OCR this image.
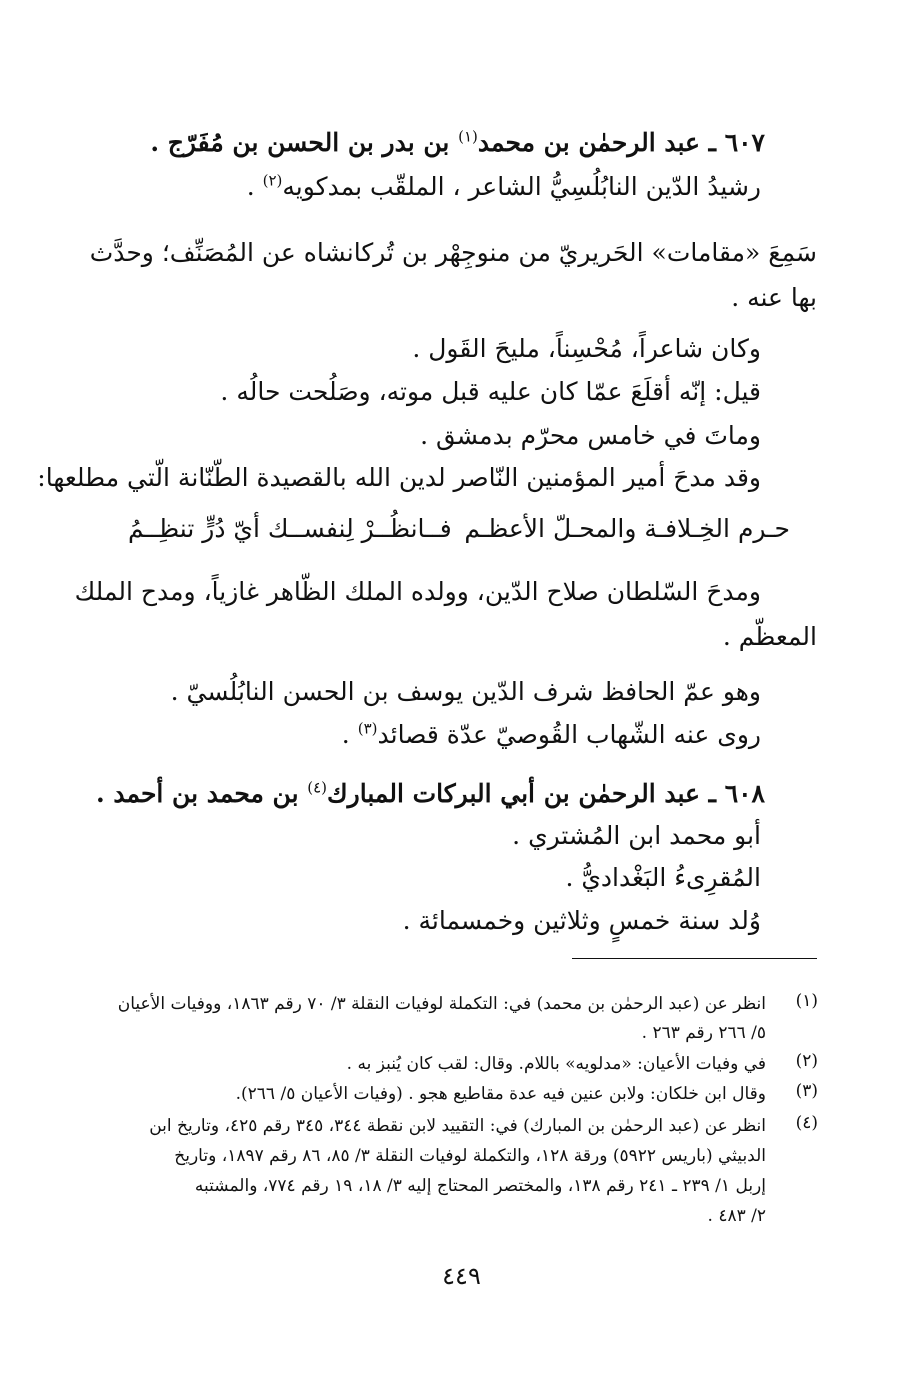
٦٠٧ ـ عبد الرحمٰن بن محمد$^{(١)}$ بن بدر بن الحسن بن مُفَرّج .
رشيدُ الدّين النابُلُسِيُّ الشاعر ، الملقّب بمدكويه$^{(٢)}$ .
سَمِعَ «مقامات» الحَريريّ من منوجِهْر بن تُركانشاه عن المُصَنِّف؛ وحدَّث
بها عنه .
وكان شاعراً، مُحْسِناً، مليحَ القَول .
قيل: إنّه أقلَعَ عمّا كان عليه قبل موته، وصَلُحت حالُه .
وماتَ في خامس محرّم بدمشق .
وقد مدحَ أمير المؤمنين النّاصر لدين الله بالقصيدة الطّنّانة الّتي مطلعها:
حـرم الخِـلافـة والمحـلّ الأعظـم
فــانظُــرْ لِنفســك أيّ دُرٍّ تنظِــمُ
ومدحَ السّلطان صلاح الدّين، وولده الملك الظّاهر غازياً، ومدح الملك
المعظّم .
وهو عمّ الحافظ شرف الدّين يوسف بن الحسن النابُلُسيّ .
روى عنه الشّهاب القُوصيّ عدّة قصائد$^{(٣)}$ .
٦٠٨ ـ عبد الرحمٰن بن أبي البركات المبارك$^{(٤)}$ بن محمد بن أحمد .
أبو محمد ابن المُشتري .
المُقرِىءُ البَغْداديُّ .
وُلد سنة خمسٍ وثلاثين وخمسمائة .
(١)
انظر عن (عبد الرحمٰن بن محمد) في: التكملة لوفيات النقلة ٣/ ٧٠ رقم ١٨٦٣، ووفيات الأعيان
٥/ ٢٦٦ رقم ٢٦٣ .
(٢)
في وفيات الأعيان: «مدلويه» باللام. وقال: لقب كان يُنبز به .
(٣)
وقال ابن خلكان: ولابن عنين فيه عدة مقاطيع هجو . (وفيات الأعيان ٥/ ٢٦٦).
(٤)
انظر عن (عبد الرحمٰن بن المبارك) في: التقييد لابن نقطة ٣٤٤، ٣٤٥ رقم ٤٢٥، وتاريخ ابن
الدبيثي (باريس ٥٩٢٢) ورقة ١٢٨، والتكملة لوفيات النقلة ٣/ ٨٥، ٨٦ رقم ١٨٩٧، وتاريخ
إربل ١/ ٢٣٩ ـ ٢٤١ رقم ١٣٨، والمختصر المحتاج إليه ٣/ ١٨، ١٩ رقم ٧٧٤، والمشتبه
٢/ ٤٨٣ .
٤٤٩
